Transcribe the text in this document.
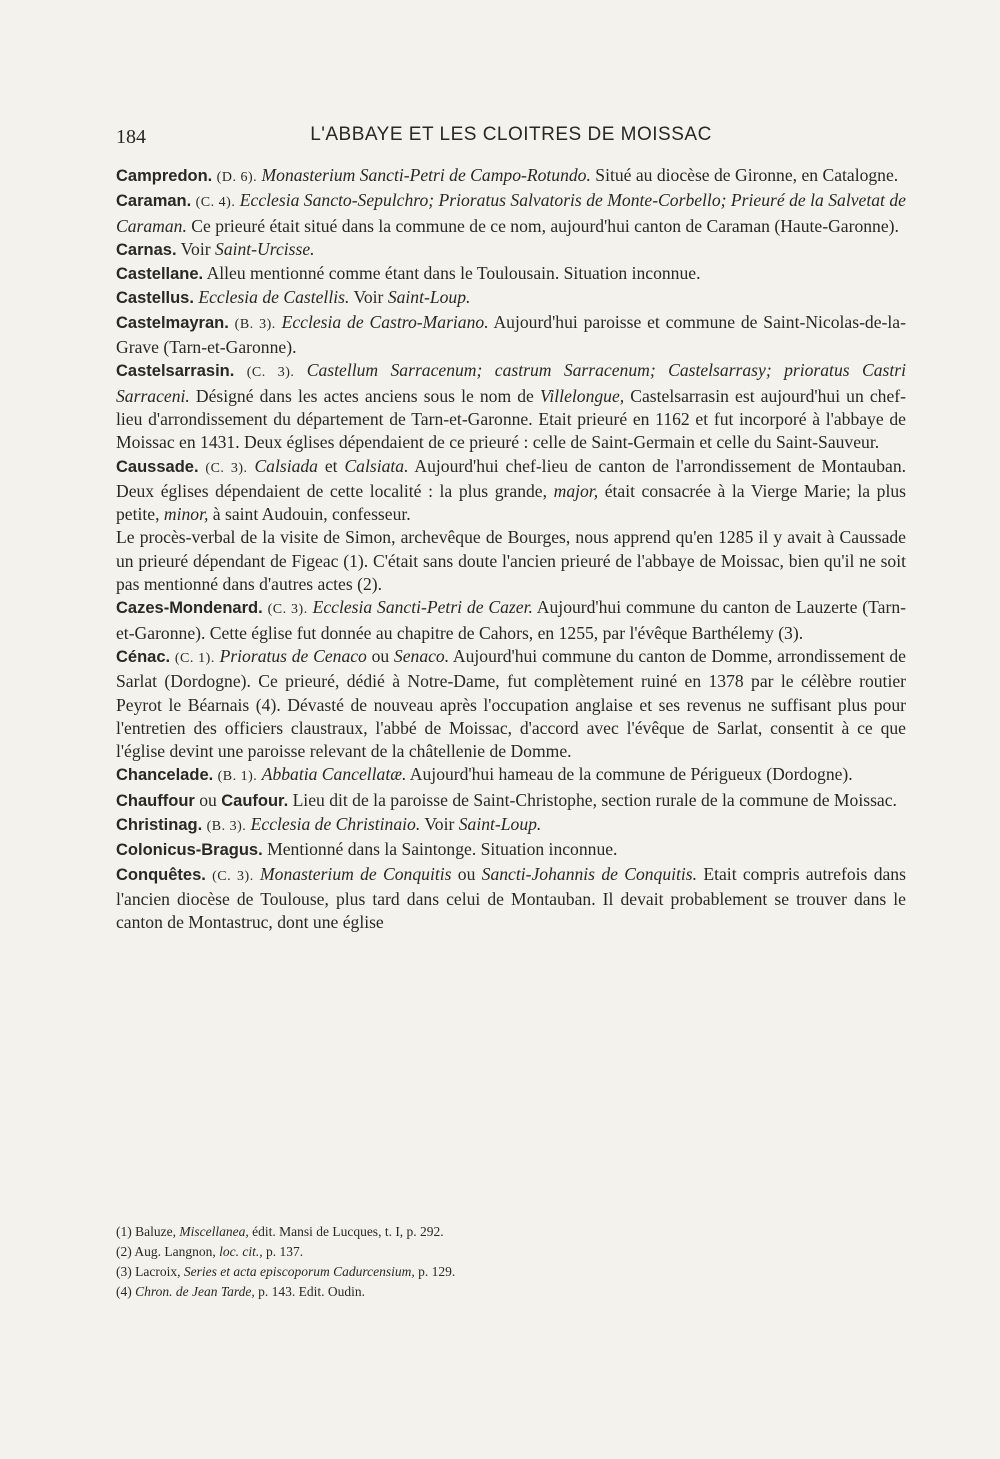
184	L'ABBAYE ET LES CLOITRES DE MOISSAC

Campredon. (D. 6). Monasterium Sancti-Petri de Campo-Rotundo. Situé au diocèse de Gironne, en Catalogne.

Caraman. (C. 4). Ecclesia Sancto-Sepulchro; Prioratus Salvatoris de Monte-Corbello; Prieuré de la Salvetat de Caraman. Ce prieuré était situé dans la commune de ce nom, aujourd'hui canton de Caraman (Haute-Garonne).

Carnas. Voir Saint-Urcisse.

Castellane. Alleu mentionné comme étant dans le Toulousain. Situation inconnue.

Castellus. Ecclesia de Castellis. Voir Saint-Loup.

Castelmayran. (B. 3). Ecclesia de Castro-Mariano. Aujourd'hui paroisse et commune de Saint-Nicolas-de-la-Grave (Tarn-et-Garonne).

Castelsarrasin. (C. 3). Castellum Sarracenum; castrum Sarracenum; Castelsarrasy; prioratus Castri Sarraceni. Désigné dans les actes anciens sous le nom de Villelongue, Castelsarrasin est aujourd'hui un chef-lieu d'arrondissement du département de Tarn-et-Garonne. Etait prieuré en 1162 et fut incorporé à l'abbaye de Moissac en 1431. Deux églises dépendaient de ce prieuré : celle de Saint-Germain et celle du Saint-Sauveur.

Caussade. (C. 3). Calsiada et Calsiata. Aujourd'hui chef-lieu de canton de l'arrondissement de Montauban. Deux églises dépendaient de cette localité : la plus grande, major, était consacrée à la Vierge Marie; la plus petite, minor, à saint Audouin, confesseur.

Le procès-verbal de la visite de Simon, archevêque de Bourges, nous apprend qu'en 1285 il y avait à Caussade un prieuré dépendant de Figeac (1). C'était sans doute l'ancien prieuré de l'abbaye de Moissac, bien qu'il ne soit pas mentionné dans d'autres actes (2).

Cazes-Mondenard. (C. 3). Ecclesia Sancti-Petri de Cazer. Aujourd'hui commune du canton de Lauzerte (Tarn-et-Garonne). Cette église fut donnée au chapitre de Cahors, en 1255, par l'évêque Barthélemy (3).

Cénac. (C. 1). Prioratus de Cenaco ou Senaco. Aujourd'hui commune du canton de Domme, arrondissement de Sarlat (Dordogne). Ce prieuré, dédié à Notre-Dame, fut complètement ruiné en 1378 par le célèbre routier Peyrot le Béarnais (4). Dévasté de nouveau après l'occupation anglaise et ses revenus ne suffisant plus pour l'entretien des officiers claustraux, l'abbé de Moissac, d'accord avec l'évêque de Sarlat, consentit à ce que l'église devint une paroisse relevant de la châtellenie de Domme.

Chancelade. (B. 1). Abbatia Cancellatæ. Aujourd'hui hameau de la commune de Périgueux (Dordogne).

Chauffour ou Caufour. Lieu dit de la paroisse de Saint-Christophe, section rurale de la commune de Moissac.

Christinag. (B. 3). Ecclesia de Christinaio. Voir Saint-Loup.

Colonicus-Bragus. Mentionné dans la Saintonge. Situation inconnue.

Conquêtes. (C. 3). Monasterium de Conquitis ou Sancti-Johannis de Conquitis. Etait compris autrefois dans l'ancien diocèse de Toulouse, plus tard dans celui de Montauban. Il devait probablement se trouver dans le canton de Montastruc, dont une église

(1) Baluze, Miscellanea, édit. Mansi de Lucques, t. I, p. 292.

(2) Aug. Langnon, loc. cit., p. 137.

(3) Lacroix, Series et acta episcoporum Cadurcensium, p. 129.

(4) Chron. de Jean Tarde, p. 143. Edit. Oudin.
